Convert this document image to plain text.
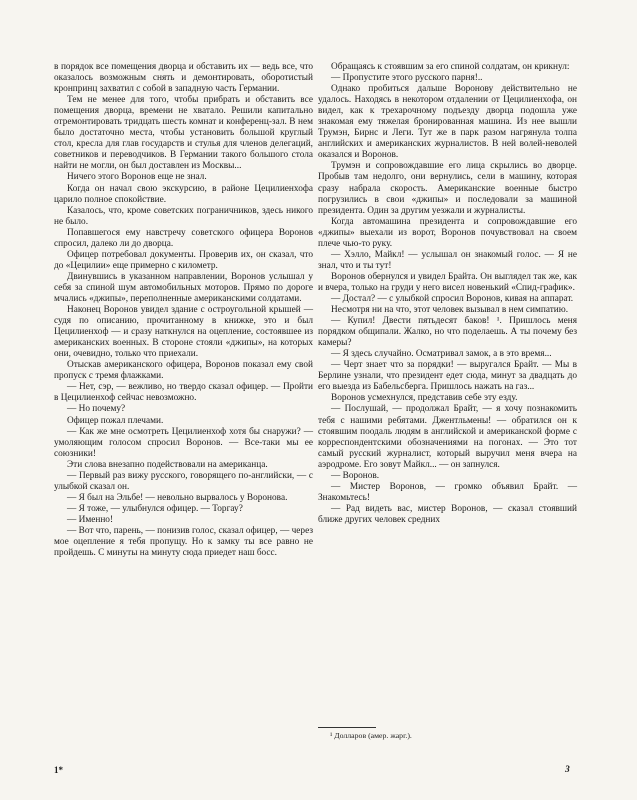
в порядок все помещения дворца и обставить их — ведь все, что оказалось возможным снять и демонтировать, оборотистый кронпринц захватил с собой в западную часть Германии.

Тем не менее для того, чтобы прибрать и обставить все помещения дворца, времени не хватало. Решили капитально отремонтировать тридцать шесть комнат и конференц-зал. В нем было достаточно места, чтобы установить большой круглый стол, кресла для глав государств и стулья для членов делегаций, советников и переводчиков. В Германии такого большого стола найти не могли, он был доставлен из Москвы...

Ничего этого Воронов еще не знал.

Когда он начал свою экскурсию, в районе Цецилиенхофа царило полное спокойствие.

Казалось, что, кроме советских пограничников, здесь никого не было.

Попавшегося ему навстречу советского офицера Воронов спросил, далеко ли до дворца.

Офицер потребовал документы. Проверив их, он сказал, что до «Цецилии» еще примерно с километр.

Двинувшись в указанном направлении, Воронов услышал у себя за спиной шум автомобильных моторов. Прямо по дороге мчались «джипы», переполненные американскими солдатами.

Наконец Воронов увидел здание с остроугольной крышей — судя по описанию, прочитанному в книжке, это и был Цецилиенхоф — и сразу наткнулся на оцепление, состоявшее из американских военных. В стороне стояли «джипы», на которых они, очевидно, только что приехали.

Отыскав американского офицера, Воронов показал ему свой пропуск с тремя флажками.

— Нет, сэр, — вежливо, но твердо сказал офицер. — Пройти в Цецилиенхоф сейчас невозможно.

— Но почему?

Офицер пожал плечами.

— Как же мне осмотреть Цецилиенхоф хотя бы снаружи? — умоляющим голосом спросил Воронов. — Все-таки мы ее союзники!

Эти слова внезапно подействовали на американца.

— Первый раз вижу русского, говорящего по-английски, — с улыбкой сказал он.

— Я был на Эльбе! — невольно вырвалось у Воронова.

— Я тоже, — улыбнулся офицер. — Торгау?

— Именно!

— Вот что, парень, — понизив голос, сказал офицер, — через мое оцепление я тебя пропущу. Но к замку ты все равно не пройдешь. С минуты на минуту сюда приедет наш босс.

Обращаясь к стоявшим за его спиной солдатам, он крикнул:

— Пропустите этого русского парня!..

Однако пробиться дальше Воронову действительно не удалось. Находясь в некотором отдалении от Цецилиенхофа, он видел, как к трехарочному подъезду дворца подошла уже знакомая ему тяжелая бронированная машина. Из нее вышли Трумэн, Бирнс и Леги. Тут же в парк разом нагрянула толпа английских и американских журналистов. В ней волей-неволей оказался и Воронов.

Трумэн и сопровождавшие его лица скрылись во дворце. Пробыв там недолго, они вернулись, сели в машину, которая сразу набрала скорость. Американские военные быстро погрузились в свои «джипы» и последовали за машиной президента. Один за другим уезжали и журналисты.

Когда автомашина президента и сопровождавшие его «джипы» выехали из ворот, Воронов почувствовал на своем плече чью-то руку.

— Хэлло, Майкл! — услышал он знакомый голос. — Я не знал, что и ты тут!

Воронов обернулся и увидел Брайта. Он выглядел так же, как и вчера, только на груди у него висел новенький «Спид-график».

— Достал? — с улыбкой спросил Воронов, кивая на аппарат.

Несмотря ни на что, этот человек вызывал в нем симпатию.

— Купил! Двести пятьдесят баков! ¹. Пришлось меня порядком общипали. Жалко, но что поделаешь. А ты почему без камеры?

— Я здесь случайно. Осматривал замок, а в это время...

— Черт знает что за порядки! — выругался Брайт. — Мы в Берлине узнали, что президент едет сюда, минут за двадцать до его выезда из Бабельсберга. Пришлось нажать на газ...

Воронов усмехнулся, представив себе эту езду.

— Послушай, — продолжал Брайт, — я хочу познакомить тебя с нашими ребятами. Джентльмены! — обратился он к стоявшим поодаль людям в английской и американской форме с корреспондентскими обозначениями на погонах. — Это тот самый русский журналист, который выручил меня вчера на аэродроме. Его зовут Майкл... — он запнулся.

— Воронов.

— Мистер Воронов, — громко объявил Брайт. — Знакомьтесь!

— Рад видеть вас, мистер Воронов, — сказал стоявший ближе других человек средних

¹ Долларов (амер. жарг.).
1*	3
